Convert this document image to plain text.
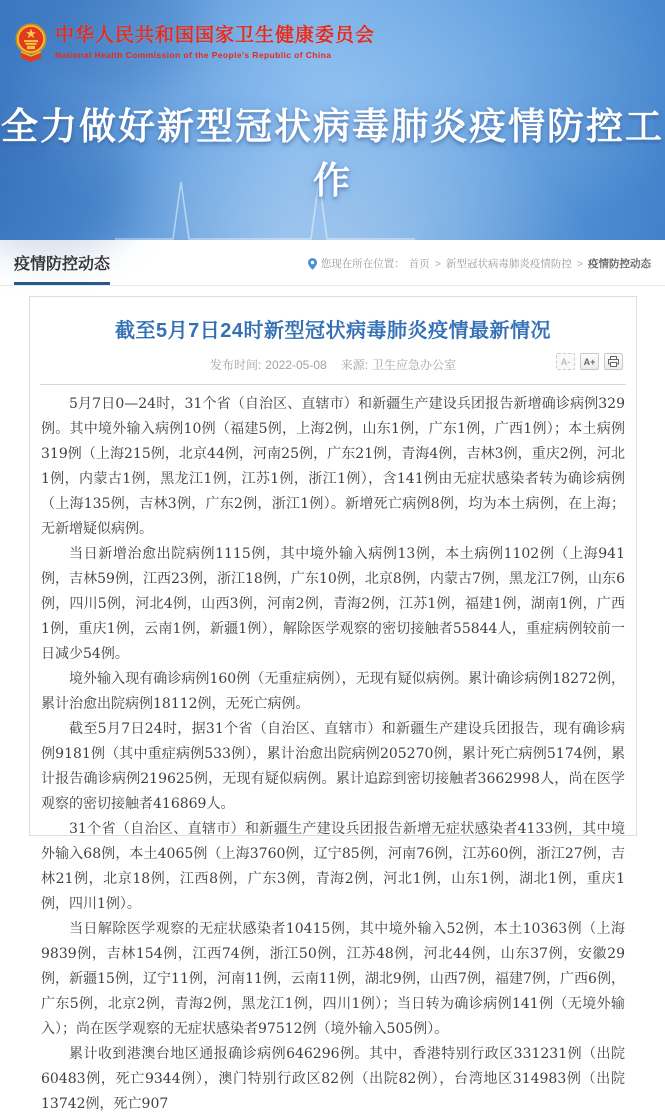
中华人民共和国国家卫生健康委员会
National Health Commission of the People's Republic of China
全力做好新型冠状病毒肺炎疫情防控工作
疫情防控动态	您现在所在位置： 首页 > 新型冠状病毒肺炎疫情防控 > 疫情防控动态
截至5月7日24时新型冠状病毒肺炎疫情最新情况
发布时间: 2022-05-08 来源: 卫生应急办公室	A-	A+

5月7日0—24时，31个省（自治区、直辖市）和新疆生产建设兵团报告新增确诊病例329例。其中境外输入病例10例（福建5例，上海2例，山东1例，广东1例，广西1例）；本土病例319例（上海215例，北京44例，河南25例，广东21例，青海4例，吉林3例，重庆2例，河北1例，内蒙古1例，黑龙江1例，江苏1例，浙江1例），含141例由无症状感染者转为确诊病例（上海135例，吉林3例，广东2例，浙江1例）。新增死亡病例8例，均为本土病例，在上海；无新增疑似病例。

当日新增治愈出院病例1115例，其中境外输入病例13例，本土病例1102例（上海941例，吉林59例，江西23例，浙江18例，广东10例，北京8例，内蒙古7例，黑龙江7例，山东6例，四川5例，河北4例，山西3例，河南2例，青海2例，江苏1例，福建1例，湖南1例，广西1例，重庆1例，云南1例，新疆1例），解除医学观察的密切接触者55844人，重症病例较前一日减少54例。

境外输入现有确诊病例160例（无重症病例），无现有疑似病例。累计确诊病例18272例，累计治愈出院病例18112例，无死亡病例。

截至5月7日24时，据31个省（自治区、直辖市）和新疆生产建设兵团报告，现有确诊病例9181例（其中重症病例533例），累计治愈出院病例205270例，累计死亡病例5174例，累计报告确诊病例219625例，无现有疑似病例。累计追踪到密切接触者3662998人，尚在医学观察的密切接触者416869人。

31个省（自治区、直辖市）和新疆生产建设兵团报告新增无症状感染者4133例，其中境外输入68例，本土4065例（上海3760例，辽宁85例，河南76例，江苏60例，浙江27例，吉林21例，北京18例，江西8例，广东3例，青海2例，河北1例，山东1例，湖北1例，重庆1例，四川1例）。

当日解除医学观察的无症状感染者10415例，其中境外输入52例，本土10363例（上海9839例，吉林154例，江西74例，浙江50例，江苏48例，河北44例，山东37例，安徽29例，新疆15例，辽宁11例，河南11例，云南11例，湖北9例，山西7例，福建7例，广西6例，广东5例，北京2例，青海2例，黑龙江1例，四川1例）；当日转为确诊病例141例（无境外输入）；尚在医学观察的无症状感染者97512例（境外输入505例）。

累计收到港澳台地区通报确诊病例646296例。其中，香港特别行政区331231例（出院60483例，死亡9344例），澳门特别行政区82例（出院82例），台湾地区314983例（出院13742例，死亡907
